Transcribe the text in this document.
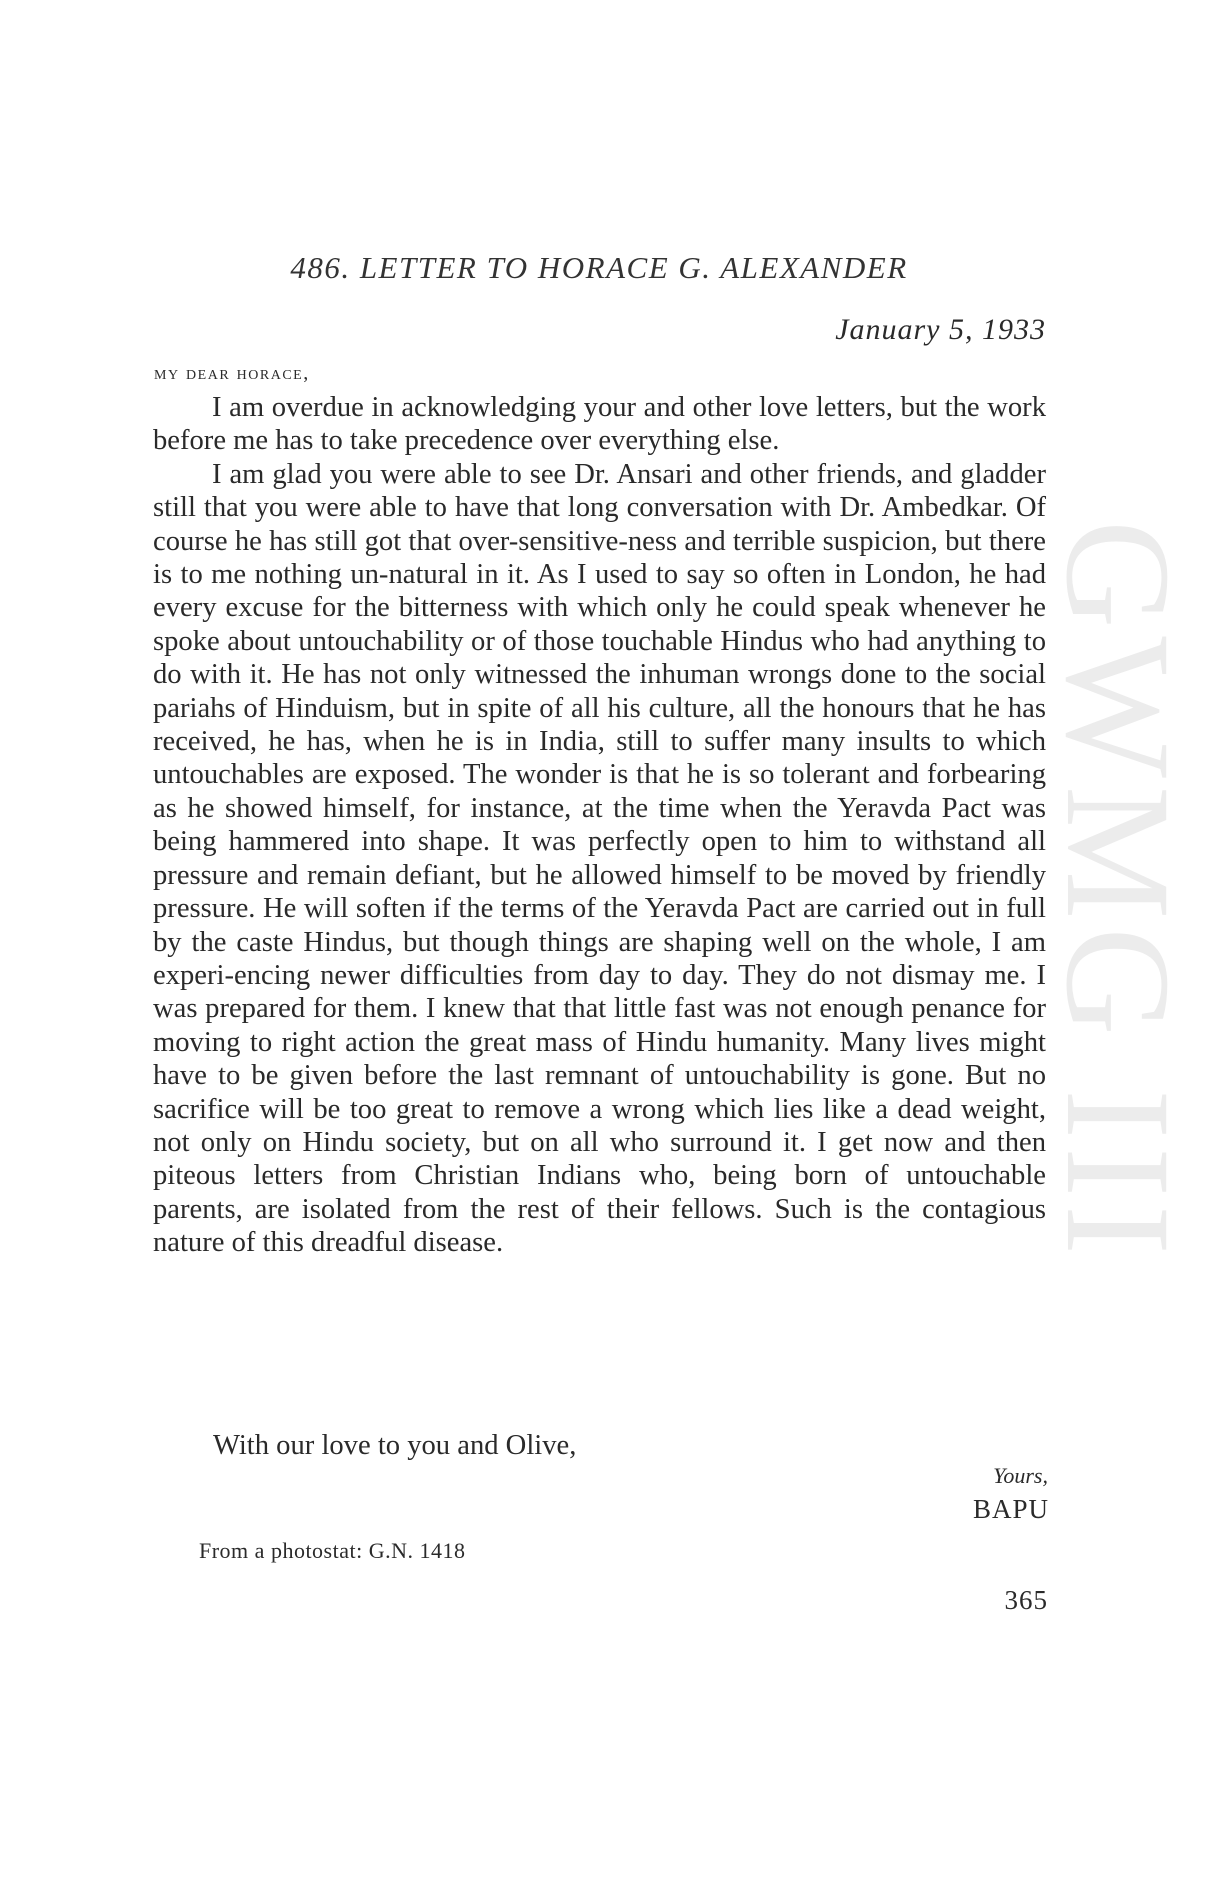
GWMG III
486. LETTER TO HORACE G. ALEXANDER
January 5, 1933
my dear horace,

I am overdue in acknowledging your and other love letters, but the work before me has to take precedence over everything else.

I am glad you were able to see Dr. Ansari and other friends, and gladder still that you were able to have that long conversation with Dr. Ambedkar. Of course he has still got that over-sensitive-ness and terrible suspicion, but there is to me nothing un-natural in it. As I used to say so often in London, he had every excuse for the bitterness with which only he could speak whenever he spoke about untouchability or of those touchable Hindus who had anything to do with it. He has not only witnessed the inhuman wrongs done to the social pariahs of Hinduism, but in spite of all his culture, all the honours that he has received, he has, when he is in India, still to suffer many insults to which untouchables are exposed. The wonder is that he is so tolerant and forbearing as he showed himself, for instance, at the time when the Yeravda Pact was being hammered into shape. It was perfectly open to him to withstand all pressure and remain defiant, but he allowed himself to be moved by friendly pressure. He will soften if the terms of the Yeravda Pact are carried out in full by the caste Hindus, but though things are shaping well on the whole, I am experi-encing newer difficulties from day to day. They do not dismay me. I was prepared for them. I knew that that little fast was not enough penance for moving to right action the great mass of Hindu humanity. Many lives might have to be given before the last remnant of untouchability is gone. But no sacrifice will be too great to remove a wrong which lies like a dead weight, not only on Hindu society, but on all who surround it. I get now and then piteous letters from Christian Indians who, being born of untouchable parents, are isolated from the rest of their fellows. Such is the contagious nature of this dreadful disease.

With our love to you and Olive,
Yours,
BAPU
From a photostat: G.N. 1418
365
